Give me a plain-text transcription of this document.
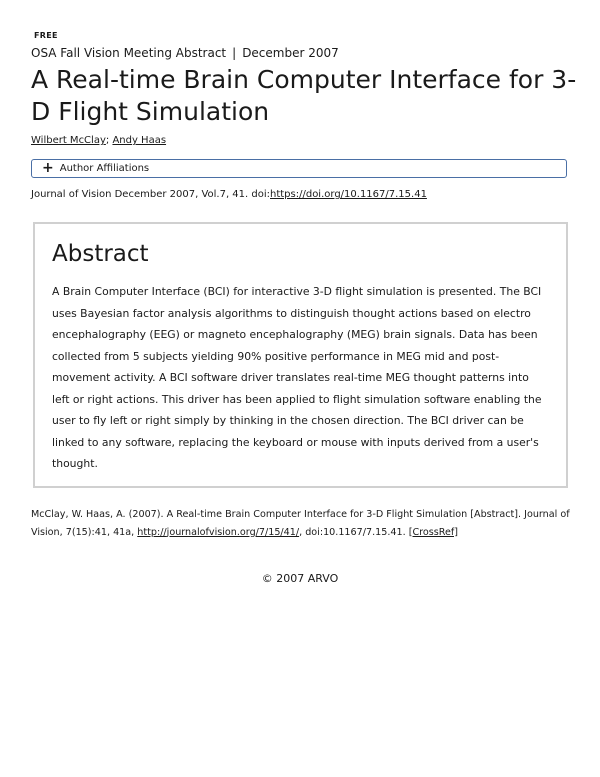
FREE
OSA Fall Vision Meeting Abstract | December 2007
A Real-time Brain Computer Interface for 3-D Flight Simulation
Wilbert McClay; Andy Haas
+ Author Affiliations
Journal of Vision December 2007, Vol.7, 41. doi:https://doi.org/10.1167/7.15.41
Abstract

A Brain Computer Interface (BCI) for interactive 3-D flight simulation is presented. The BCI uses Bayesian factor analysis algorithms to distinguish thought actions based on electro encephalography (EEG) or magneto encephalography (MEG) brain signals. Data has been collected from 5 subjects yielding 90% positive performance in MEG mid and post-movement activity. A BCI software driver translates real-time MEG thought patterns into left or right actions. This driver has been applied to flight simulation software enabling the user to fly left or right simply by thinking in the chosen direction. The BCI driver can be linked to any software, replacing the keyboard or mouse with inputs derived from a user's thought.

McClay, W. Haas, A. (2007). A Real-time Brain Computer Interface for 3-D Flight Simulation [Abstract]. Journal of Vision, 7(15):41, 41a, http://journalofvision.org/7/15/41/, doi:10.1167/7.15.41. [CrossRef]

© 2007 ARVO
